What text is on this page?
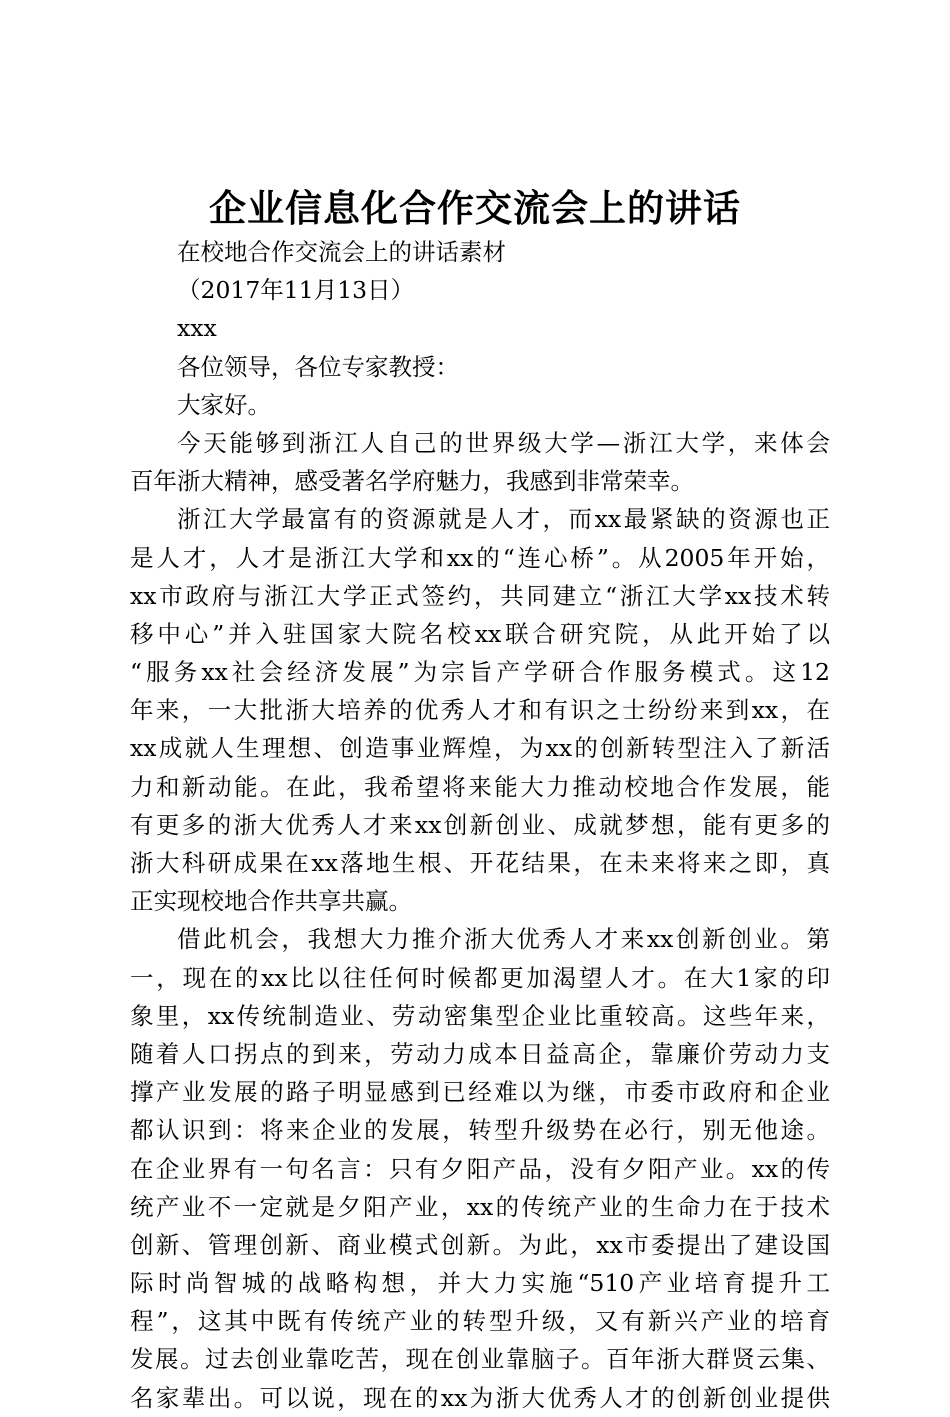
企业信息化合作交流会上的讲话
在校地合作交流会上的讲话素材
（2017年11月13日）
xxx
各位领导，各位专家教授：
大家好。
今天能够到浙江人自己的世界级大学—浙江大学，来体会
百年浙大精神，感受著名学府魅力，我感到非常荣幸。
浙江大学最富有的资源就是人才，而xx最紧缺的资源也正
是人才，人才是浙江大学和xx的“连心桥”。从2005年开始，
xx市政府与浙江大学正式签约，共同建立“浙江大学xx技术转
移中心”并入驻国家大院名校xx联合研究院，从此开始了以
“服务xx社会经济发展”为宗旨产学研合作服务模式。这12
年来，一大批浙大培养的优秀人才和有识之士纷纷来到xx，在
xx成就人生理想、创造事业辉煌，为xx的创新转型注入了新活
力和新动能。在此，我希望将来能大力推动校地合作发展，能
有更多的浙大优秀人才来xx创新创业、成就梦想，能有更多的
浙大科研成果在xx落地生根、开花结果，在未来将来之即，真
正实现校地合作共享共赢。
借此机会，我想大力推介浙大优秀人才来xx创新创业。第
一，现在的xx比以往任何时候都更加渴望人才。在大1家的印
象里，xx传统制造业、劳动密集型企业比重较高。这些年来，
随着人口拐点的到来，劳动力成本日益高企，靠廉价劳动力支
撑产业发展的路子明显感到已经难以为继，市委市政府和企业
都认识到：将来企业的发展，转型升级势在必行，别无他途。
在企业界有一句名言：只有夕阳产品，没有夕阳产业。xx的传
统产业不一定就是夕阳产业，xx的传统产业的生命力在于技术
创新、管理创新、商业模式创新。为此，xx市委提出了建设国
际时尚智城的战略构想，并大力实施“510产业培育提升工
程”，这其中既有传统产业的转型升级，又有新兴产业的培育
发展。过去创业靠吃苦，现在创业靠脑子。百年浙大群贤云集、
名家辈出。可以说，现在的xx为浙大优秀人才的创新创业提供
